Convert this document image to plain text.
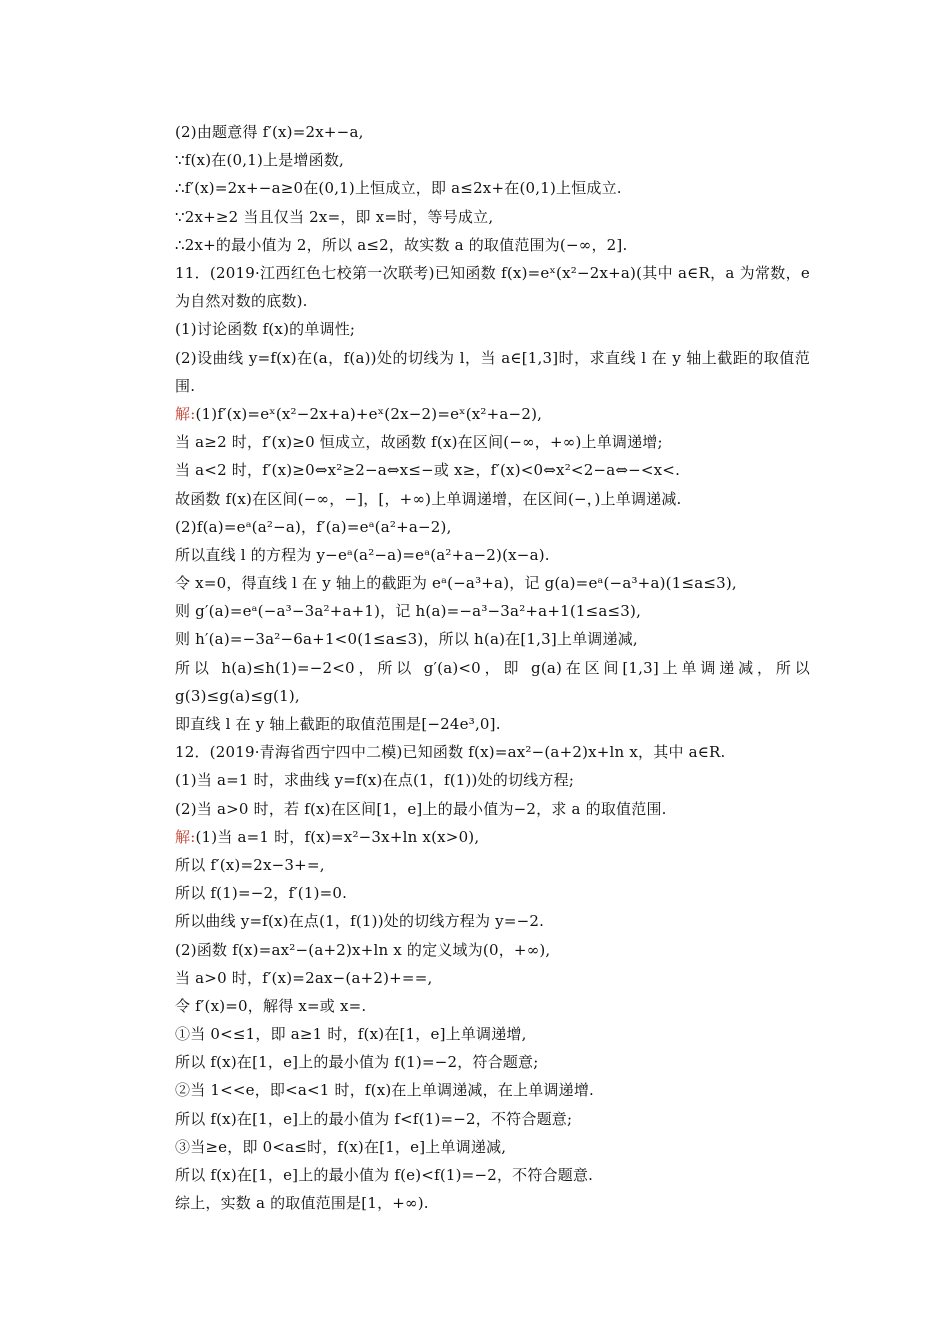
(2)由题意得 f′(x)=2x+−a,
∵f(x)在(0,1)上是增函数,
∴f′(x)=2x+−a≥0在(0,1)上恒成立，即 a≤2x+在(0,1)上恒成立.
∵2x+≥2 当且仅当 2x=，即 x=时，等号成立,
∴2x+的最小值为 2，所以 a≤2，故实数 a 的取值范围为(−∞，2].
11．(2019·江西红色七校第一次联考)已知函数 f(x)=eˣ(x²−2x+a)(其中 a∈R，a 为常数，e 为自然对数的底数).
(1)讨论函数 f(x)的单调性;
(2)设曲线 y=f(x)在(a，f(a))处的切线为 l，当 a∈[1,3]时，求直线 l 在 y 轴上截距的取值范围.
解:(1)f′(x)=eˣ(x²−2x+a)+eˣ(2x−2)=eˣ(x²+a−2),
当 a≥2 时，f′(x)≥0 恒成立，故函数 f(x)在区间(−∞，+∞)上单调递增;
当 a<2 时，f′(x)≥0⇔x²≥2−a⇔x≤−或 x≥，f′(x)<0⇔x²<2−a⇔−<x<.
故函数 f(x)在区间(−∞，−]，[，+∞)上单调递增，在区间(−，)上单调递减.
(2)f(a)=eᵃ(a²−a)，f′(a)=eᵃ(a²+a−2),
所以直线 l 的方程为 y−eᵃ(a²−a)=eᵃ(a²+a−2)(x−a).
令 x=0，得直线 l 在 y 轴上的截距为 eᵃ(−a³+a)，记 g(a)=eᵃ(−a³+a)(1≤a≤3),
则 g′(a)=eᵃ(−a³−3a²+a+1)，记 h(a)=−a³−3a²+a+1(1≤a≤3),
则 h′(a)=−3a²−6a+1<0(1≤a≤3)，所以 h(a)在[1,3]上单调递减,
所以 h(a)≤h(1)=−2<0，所以 g′(a)<0，即 g(a)在区间[1,3]上单调递减，所以 g(3)≤g(a)≤g(1),
即直线 l 在 y 轴上截距的取值范围是[−24e³,0].
12．(2019·青海省西宁四中二模)已知函数 f(x)=ax²−(a+2)x+ln x，其中 a∈R.
(1)当 a=1 时，求曲线 y=f(x)在点(1，f(1))处的切线方程;
(2)当 a>0 时，若 f(x)在区间[1，e]上的最小值为−2，求 a 的取值范围.
解:(1)当 a=1 时，f(x)=x²−3x+ln x(x>0),
所以 f′(x)=2x−3+=,
所以 f(1)=−2，f′(1)=0.
所以曲线 y=f(x)在点(1，f(1))处的切线方程为 y=−2.
(2)函数 f(x)=ax²−(a+2)x+ln x 的定义域为(0，+∞),
当 a>0 时，f′(x)=2ax−(a+2)+==,
令 f′(x)=0，解得 x=或 x=.
①当 0<≤1，即 a≥1 时，f(x)在[1，e]上单调递增,
所以 f(x)在[1，e]上的最小值为 f(1)=−2，符合题意;
②当 1<<e，即<a<1 时，f(x)在上单调递减，在上单调递增.
所以 f(x)在[1，e]上的最小值为 f<f(1)=−2，不符合题意;
③当≥e，即 0<a≤时，f(x)在[1，e]上单调递减,
所以 f(x)在[1，e]上的最小值为 f(e)<f(1)=−2，不符合题意.
综上，实数 a 的取值范围是[1，+∞).
